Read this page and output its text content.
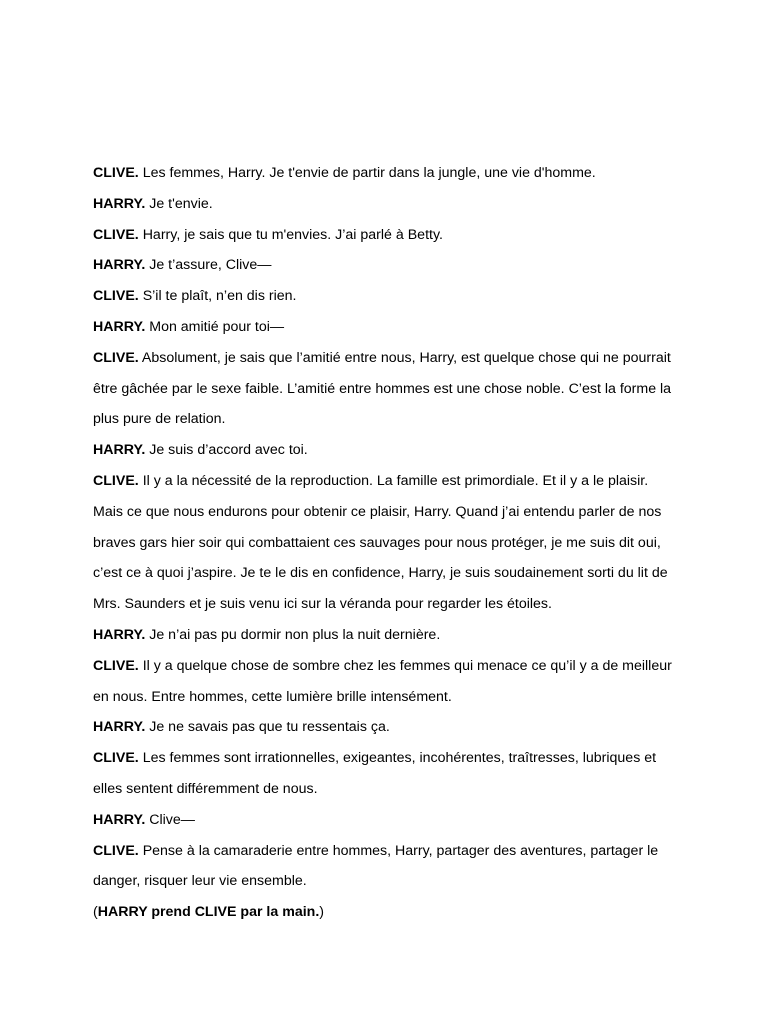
CLIVE. Les femmes, Harry. Je t'envie de partir dans la jungle, une vie d'homme.

HARRY. Je t'envie.

CLIVE. Harry, je sais que tu m'envies. J’ai parlé à Betty.

HARRY. Je t’assure, Clive—

CLIVE. S’il te plaît, n’en dis rien.

HARRY. Mon amitié pour toi—

CLIVE. Absolument, je sais que l’amitié entre nous, Harry, est quelque chose qui ne pourrait être gâchée par le sexe faible. L’amitié entre hommes est une chose noble. C’est la forme la plus pure de relation.

HARRY. Je suis d’accord avec toi.

CLIVE. Il y a la nécessité de la reproduction. La famille est primordiale. Et il y a le plaisir. Mais ce que nous endurons pour obtenir ce plaisir, Harry. Quand j’ai entendu parler de nos braves gars hier soir qui combattaient ces sauvages pour nous protéger, je me suis dit oui, c’est ce à quoi j’aspire. Je te le dis en confidence, Harry, je suis soudainement sorti du lit de Mrs. Saunders et je suis venu ici sur la véranda pour regarder les étoiles.

HARRY. Je n’ai pas pu dormir non plus la nuit dernière.

CLIVE. Il y a quelque chose de sombre chez les femmes qui menace ce qu’il y a de meilleur en nous. Entre hommes, cette lumière brille intensément.

HARRY. Je ne savais pas que tu ressentais ça.

CLIVE. Les femmes sont irrationnelles, exigeantes, incohérentes, traîtresses, lubriques et elles sentent différemment de nous.

HARRY. Clive—

CLIVE. Pense à la camaraderie entre hommes, Harry, partager des aventures, partager le danger, risquer leur vie ensemble.

(HARRY prend CLIVE par la main.)
